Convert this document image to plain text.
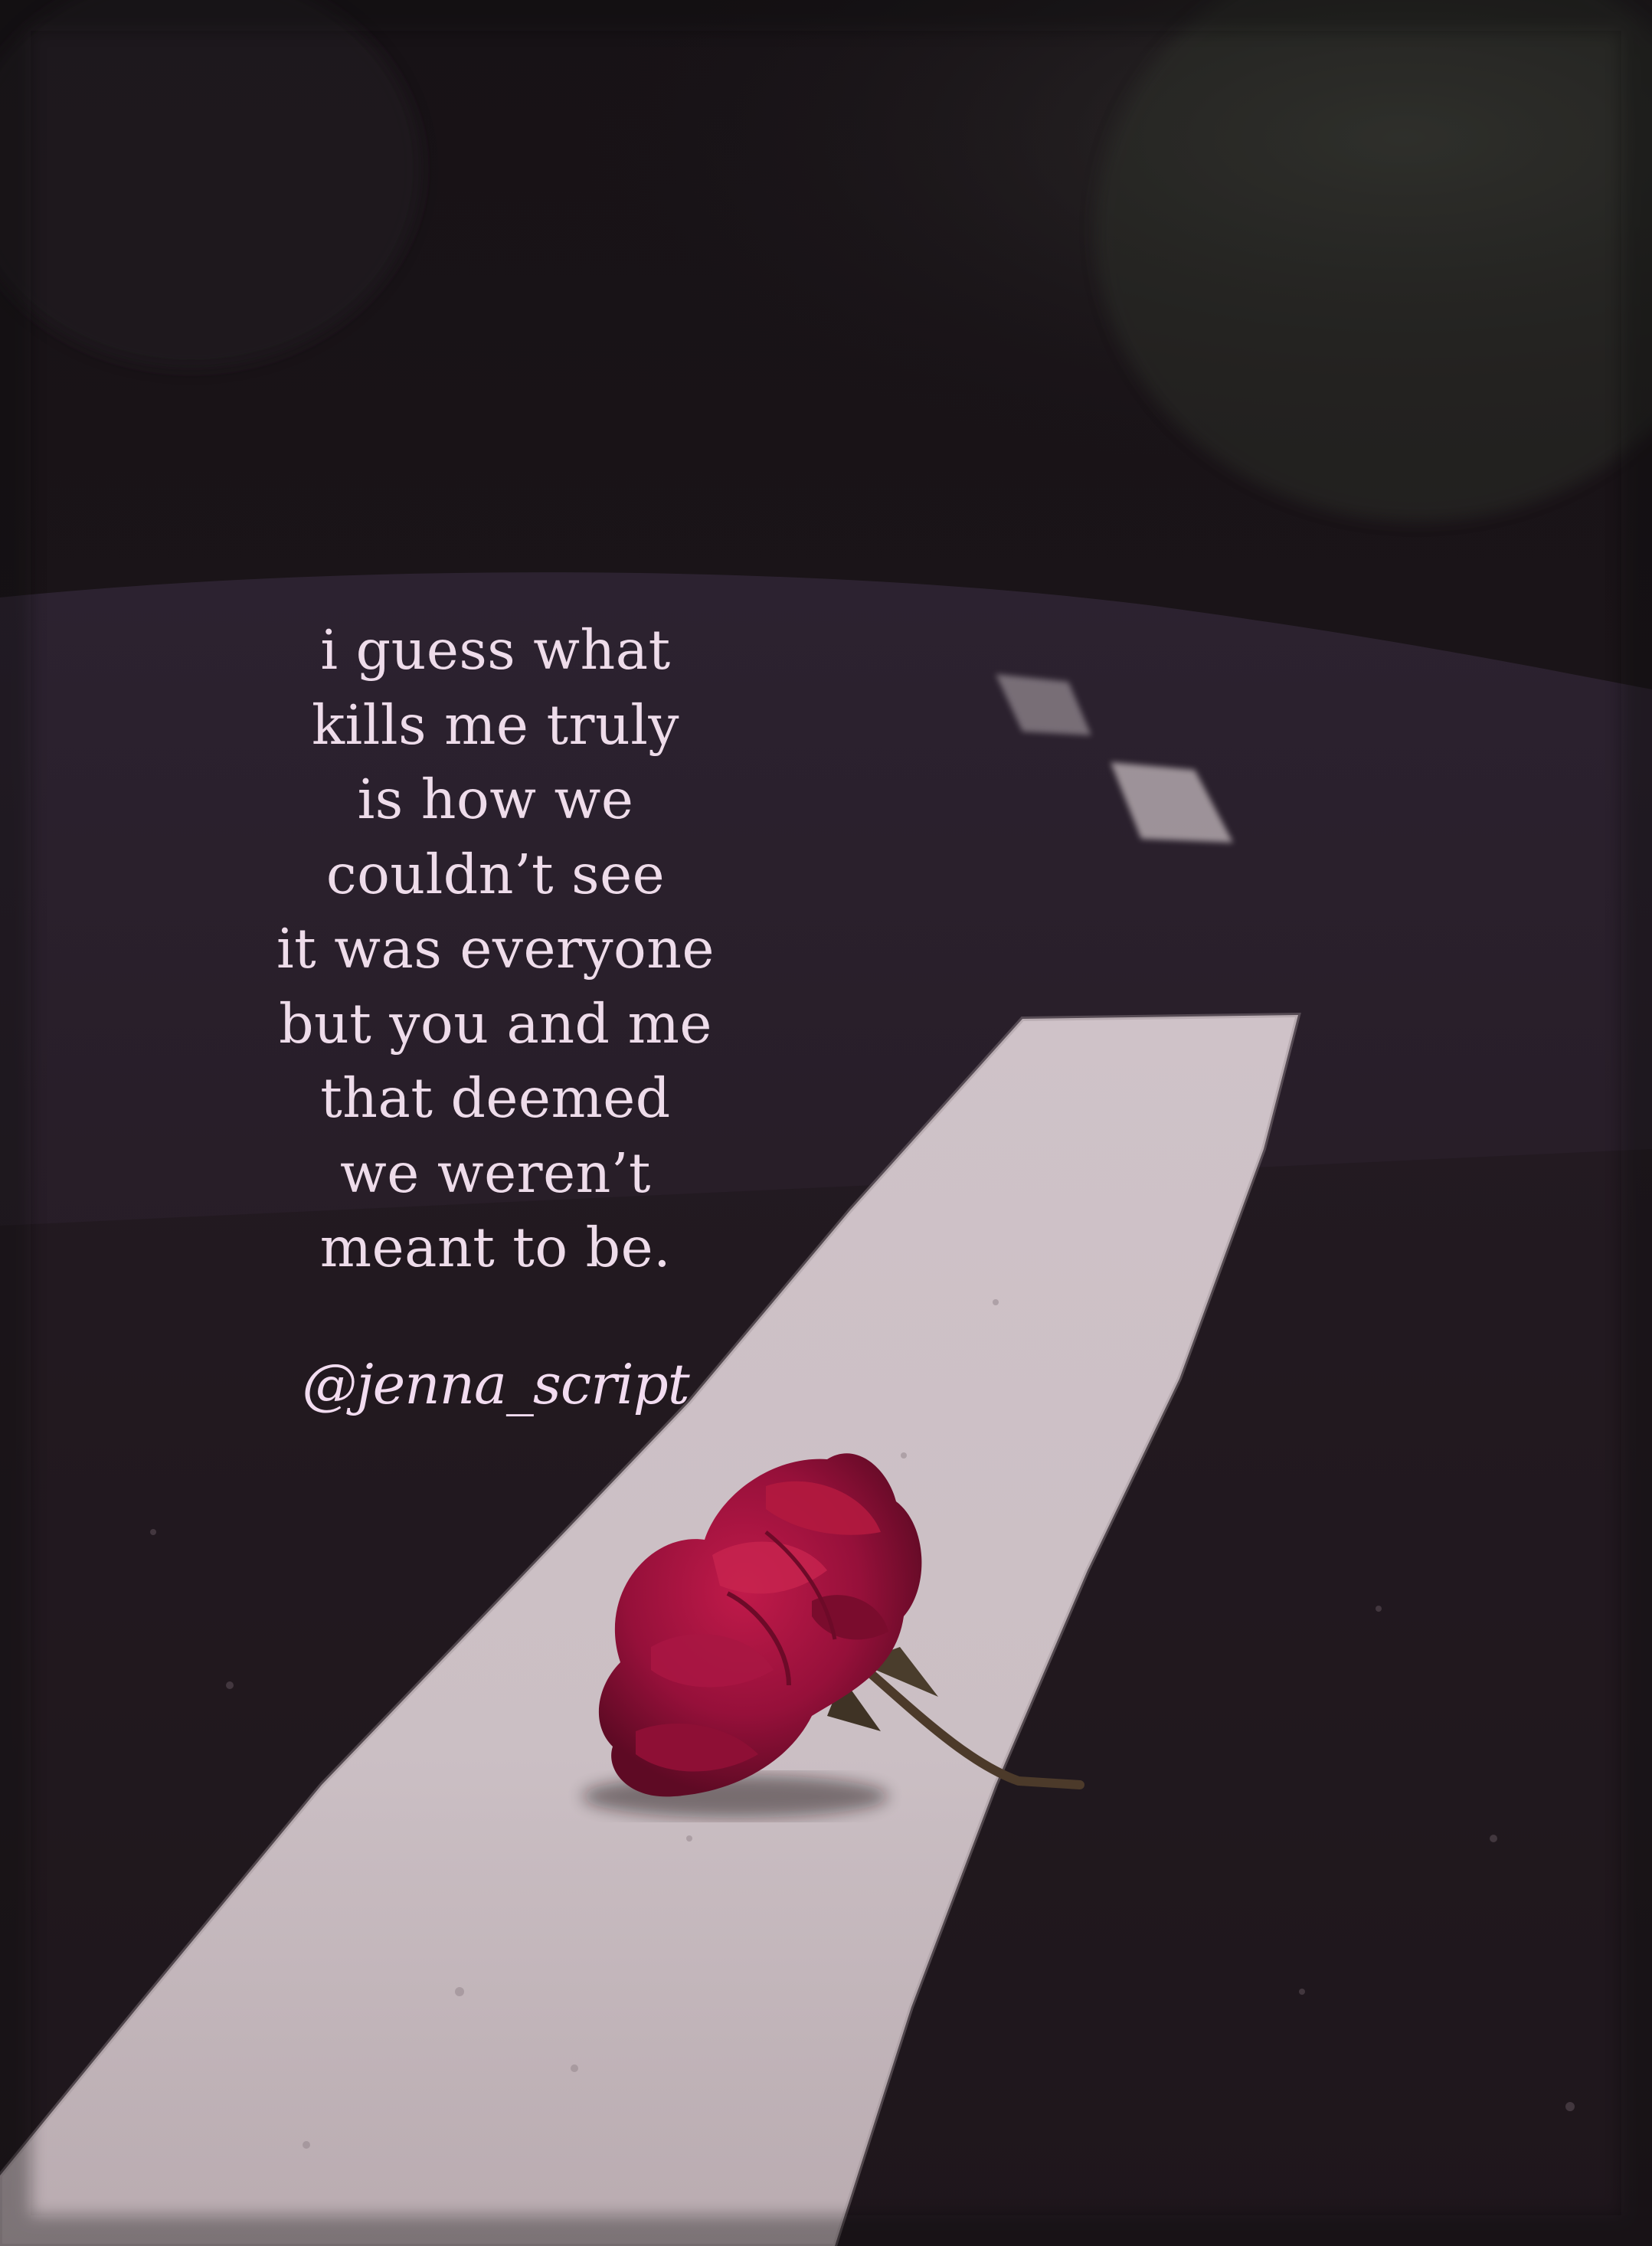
i guess what
kills me truly
is how we
couldn’t see
it was everyone
but you and me
that deemed
we weren’t
meant to be.
@jenna_script
